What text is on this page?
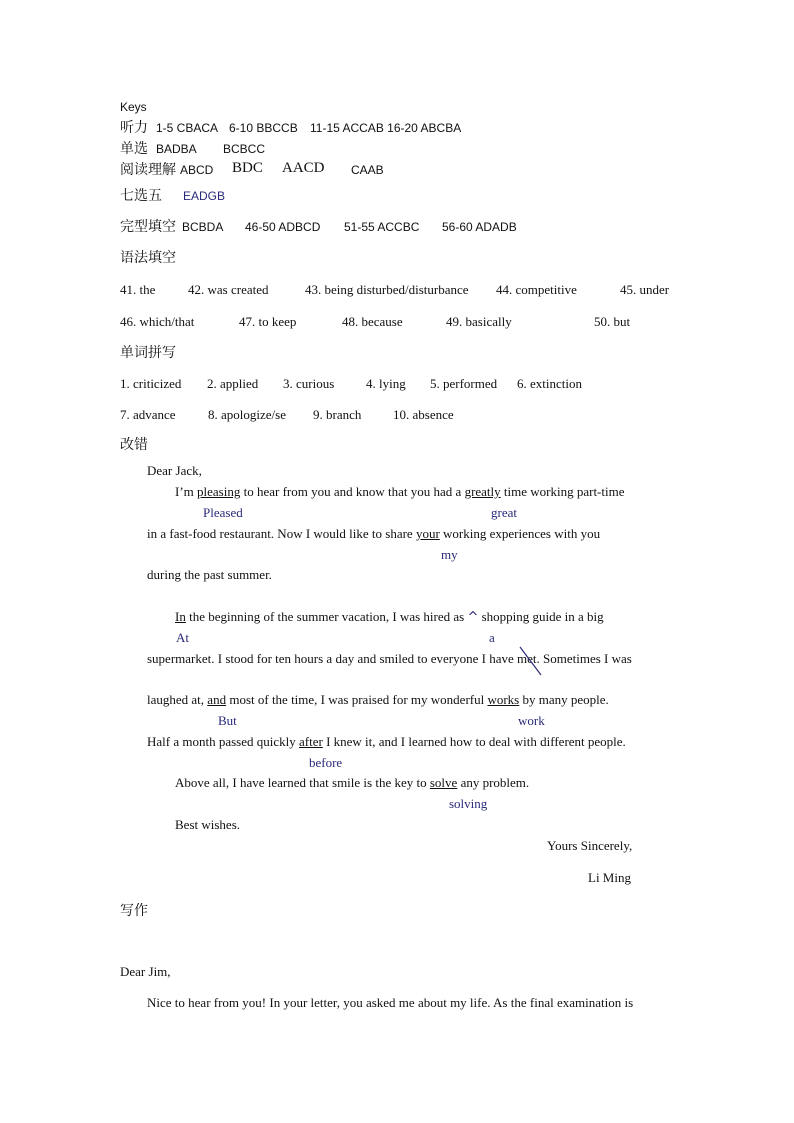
Keys
听力 1-5 CBACA 6-10 BBCCB 11-15 ACCAB 16-20 ABCBA
单选 BADBA BCBCC
阅读理解 ABCD BDC AACD CAAB
七选五 EADGB
完型填空 BCBDA 46-50 ADBCD 51-55 ACCBC 56-60 ADADB
语法填空
41. the	42. was created	43. being disturbed/disturbance 44. competitive	45. under
46. which/that	47. to keep	48. because	49. basically	50. but
单词拼写
1. criticized 2. applied 3. curious 4. lying 5. performed 6. extinction
7. advance 8. apologize/se 9. branch 10. absence
改错
Dear Jack,
I’m pleasing to hear from you and know that you had a greatly time working part-time
Pleased	great
in a fast-food restaurant. Now I would like to share your working experiences with you
my
during the past summer.
In the beginning of the summer vacation, I was hired as ^ shopping guide in a big
At	a
supermarket. I stood for ten hours a day and smiled to everyone I have met. Sometimes I was
laughed at, and most of the time, I was praised for my wonderful works by many people.
But	work
Half a month passed quickly after I knew it, and I learned how to deal with different people.
before
Above all, I have learned that smile is the key to solve any problem.
solving
Best wishes.
Yours Sincerely,
Li Ming
写作
Dear Jim,
Nice to hear from you! In your letter, you asked me about my life. As the final examination is
